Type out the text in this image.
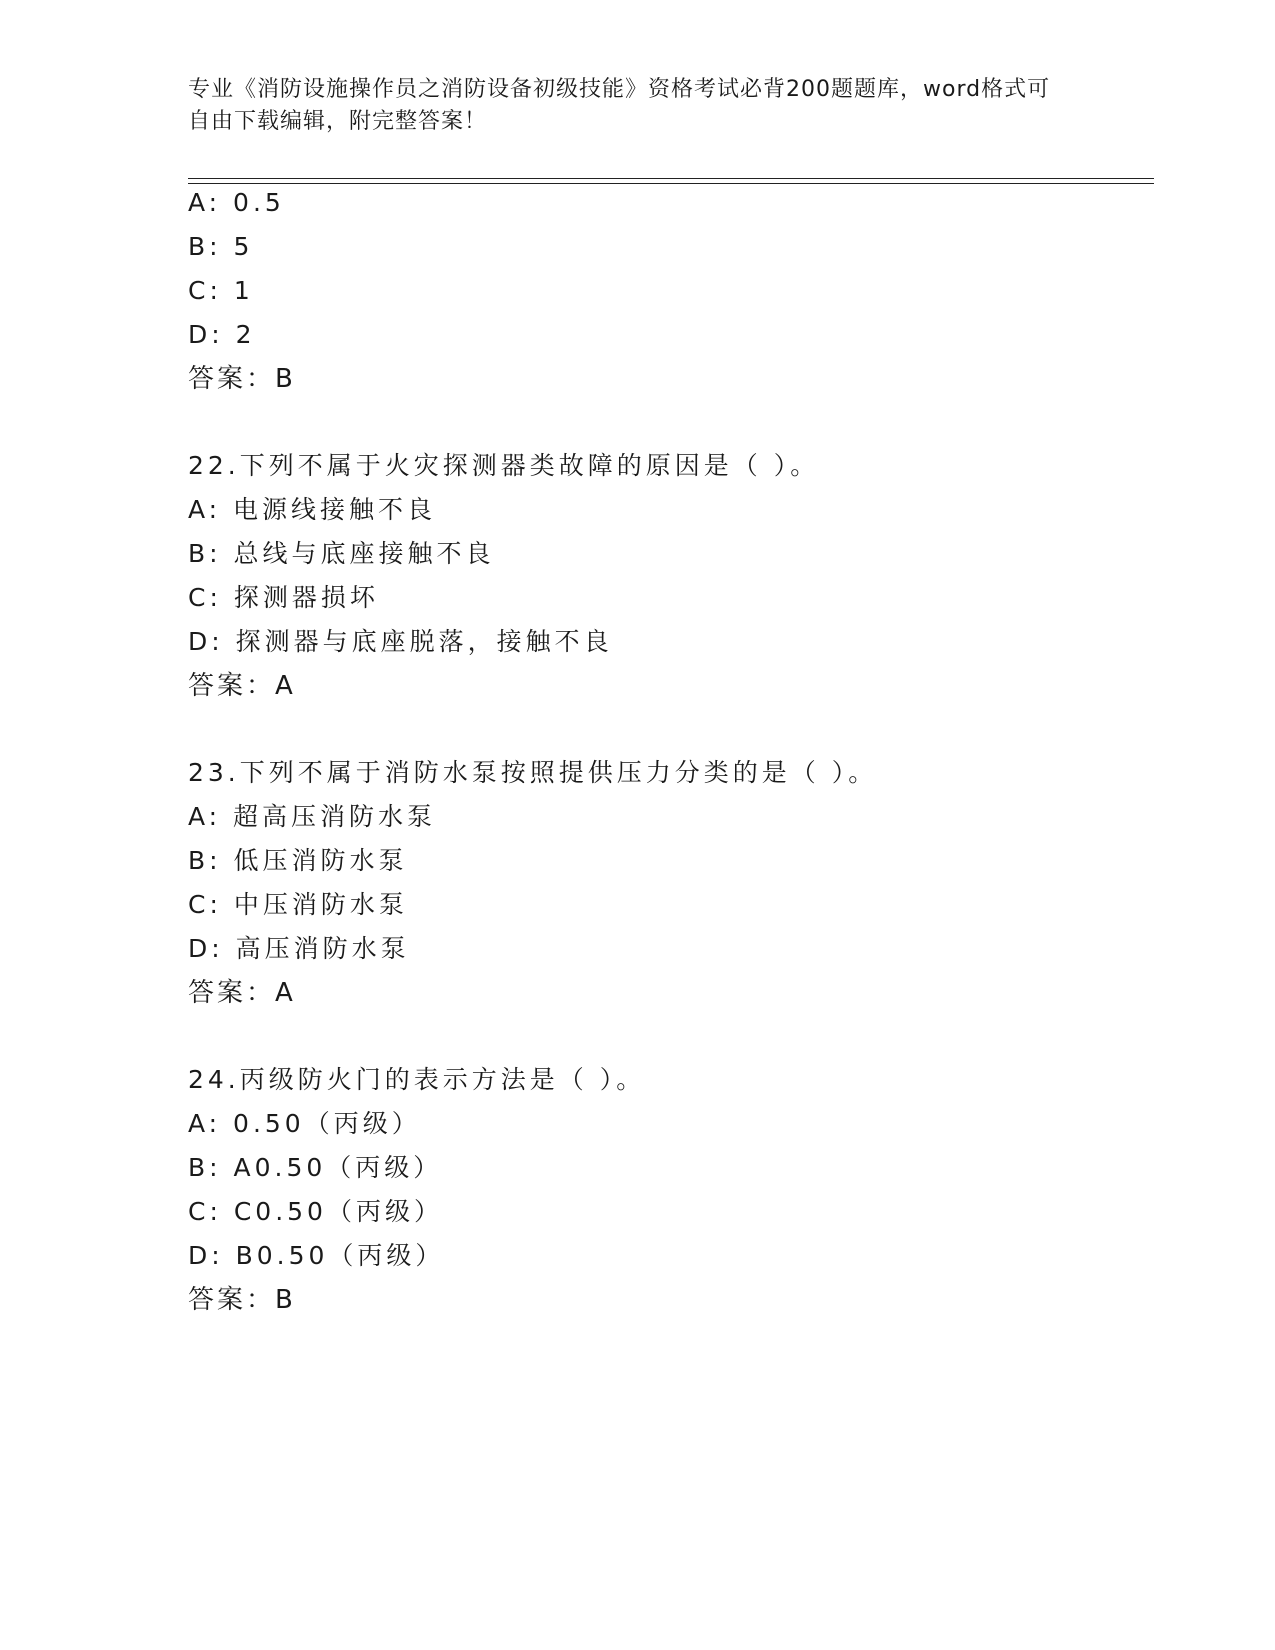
专业《消防设施操作员之消防设备初级技能》资格考试必背200题题库，word格式可自由下载编辑，附完整答案！

A: 0.5
B: 5
C: 1
D: 2
答案：B
22.下列不属于火灾探测器类故障的原因是（ ）。
A: 电源线接触不良
B: 总线与底座接触不良
C: 探测器损坏
D: 探测器与底座脱落，接触不良
答案：A
23.下列不属于消防水泵按照提供压力分类的是（ ）。
A: 超高压消防水泵
B: 低压消防水泵
C: 中压消防水泵
D: 高压消防水泵
答案：A
24.丙级防火门的表示方法是（ ）。
A: 0.50（丙级）
B: A0.50（丙级）
C: C0.50（丙级）
D: B0.50（丙级）
答案：B
